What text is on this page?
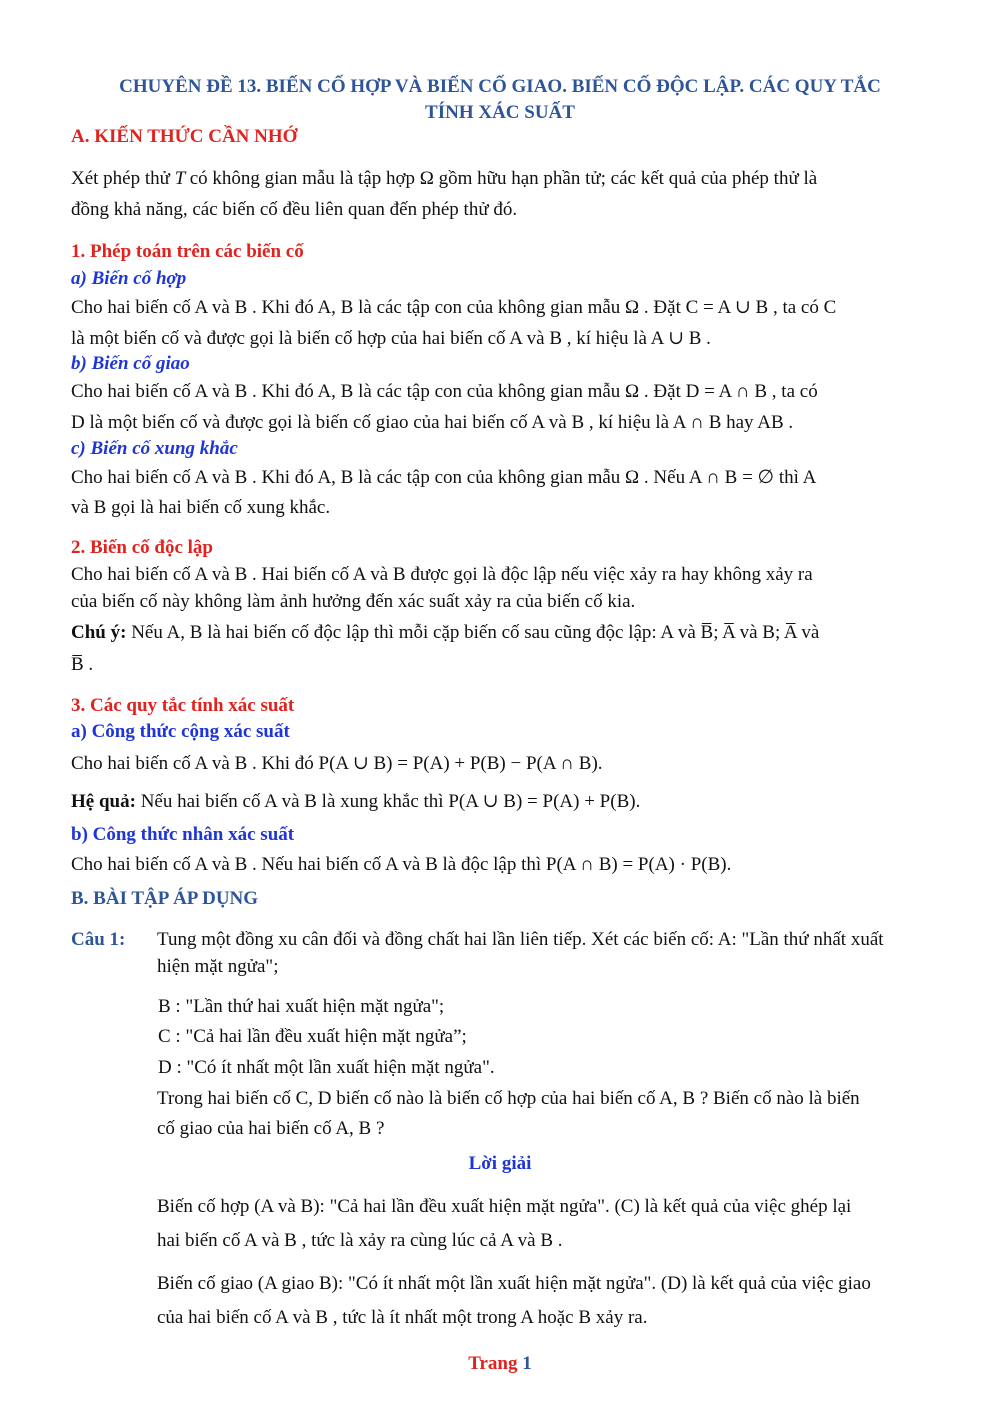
CHUYÊN ĐỀ 13. BIẾN CỐ HỢP VÀ BIẾN CỐ GIAO. BIẾN CỐ ĐỘC LẬP. CÁC QUY TẮC
TÍNH XÁC SUẤT
A. KIẾN THỨC CẦN NHỚ
Xét phép thử T có không gian mẫu là tập hợp Ω gồm hữu hạn phần tử; các kết quả của phép thử là
đồng khả năng, các biến cố đều liên quan đến phép thử đó.
1. Phép toán trên các biến cố
a) Biến cố hợp
Cho hai biến cố A và B . Khi đó A, B là các tập con của không gian mẫu Ω . Đặt C = A ∪ B , ta có C
là một biến cố và được gọi là biến cố hợp của hai biến cố A và B , kí hiệu là A ∪ B .
b) Biến cố giao
Cho hai biến cố A và B . Khi đó A, B là các tập con của không gian mẫu Ω . Đặt D = A ∩ B , ta có
D là một biến cố và được gọi là biến cố giao của hai biến cố A và B , kí hiệu là A ∩ B hay AB .
c) Biến cố xung khắc
Cho hai biến cố A và B . Khi đó A, B là các tập con của không gian mẫu Ω . Nếu A ∩ B = ∅ thì A
và B gọi là hai biến cố xung khắc.
2. Biến cố độc lập
Cho hai biến cố A và B . Hai biến cố A và B được gọi là độc lập nếu việc xảy ra hay không xảy ra
của biến cố này không làm ảnh hưởng đến xác suất xảy ra của biến cố kia.
Chú ý: Nếu A, B là hai biến cố độc lập thì mỗi cặp biến cố sau cũng độc lập: A và B̅; A̅ và B; A̅ và
B̅ .
3. Các quy tắc tính xác suất
a) Công thức cộng xác suất
Cho hai biến cố A và B . Khi đó P(A ∪ B) = P(A) + P(B) − P(A ∩ B).
Hệ quả: Nếu hai biến cố A và B là xung khắc thì P(A ∪ B) = P(A) + P(B).
b) Công thức nhân xác suất
Cho hai biến cố A và B . Nếu hai biến cố A và B là độc lập thì P(A ∩ B) = P(A) · P(B).
B. BÀI TẬP ÁP DỤNG
Câu 1: Tung một đồng xu cân đối và đồng chất hai lần liên tiếp. Xét các biến cố: A: "Lần thứ nhất xuất
hiện mặt ngửa";
B : "Lần thứ hai xuất hiện mặt ngửa";
C : "Cả hai lần đều xuất hiện mặt ngửa”;
D : "Có ít nhất một lần xuất hiện mặt ngửa".
Trong hai biến cố C, D biến cố nào là biến cố hợp của hai biến cố A, B ? Biến cố nào là biến
cố giao của hai biến cố A, B ?
Lời giải
Biến cố hợp (A và B): "Cả hai lần đều xuất hiện mặt ngửa". (C) là kết quả của việc ghép lại
hai biến cố A và B , tức là xảy ra cùng lúc cả A và B .
Biến cố giao (A giao B): "Có ít nhất một lần xuất hiện mặt ngửa". (D) là kết quả của việc giao
của hai biến cố A và B , tức là ít nhất một trong A hoặc B xảy ra.
Trang 1
